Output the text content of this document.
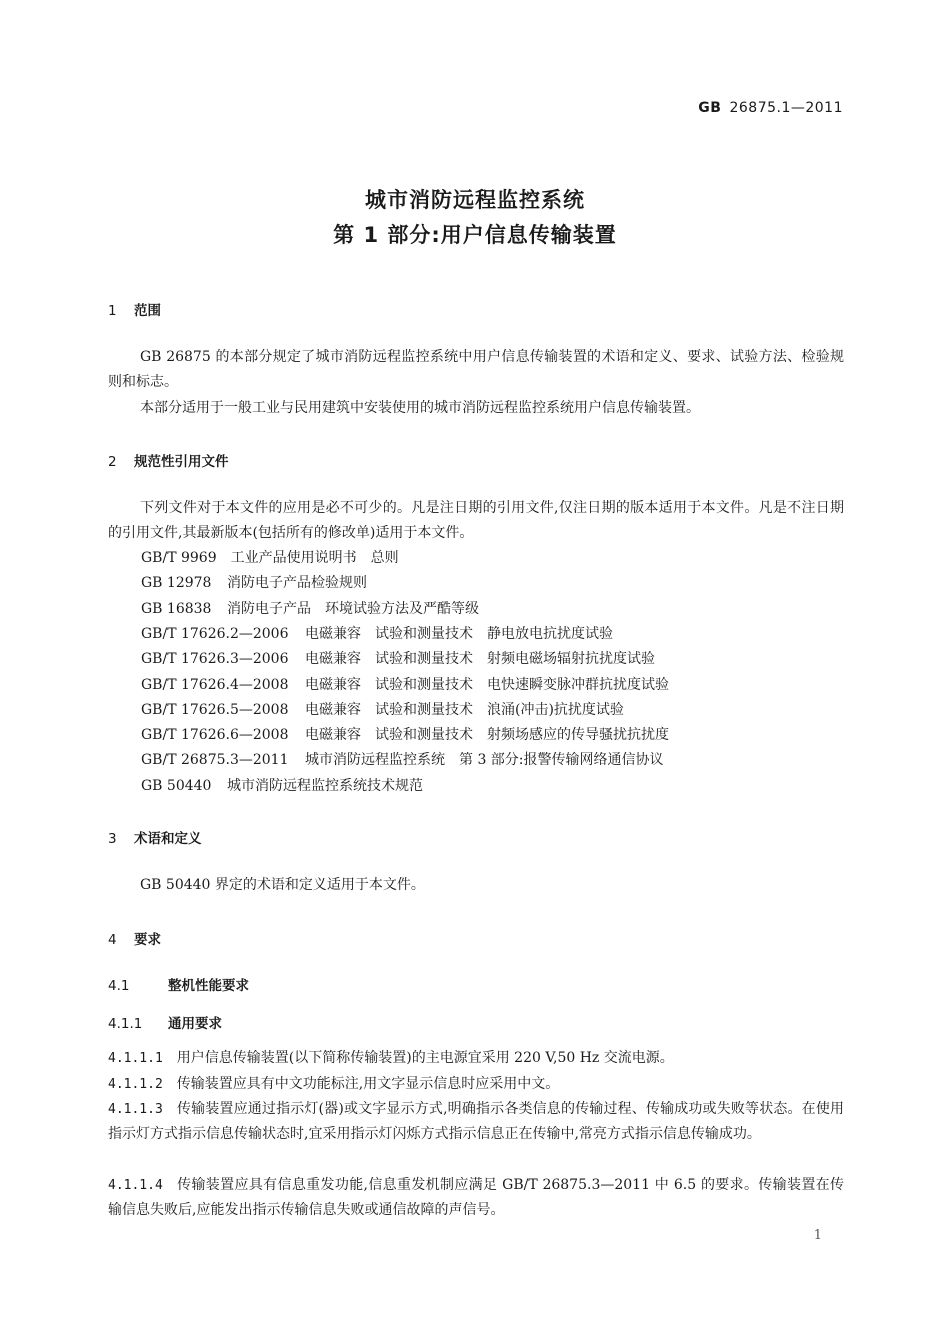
GB 26875.1—2011
城市消防远程监控系统
第 1 部分:用户信息传输装置
1 范围
GB 26875 的本部分规定了城市消防远程监控系统中用户信息传输装置的术语和定义、要求、试验方法、检验规则和标志。
本部分适用于一般工业与民用建筑中安装使用的城市消防远程监控系统用户信息传输装置。
2 规范性引用文件
下列文件对于本文件的应用是必不可少的。凡是注日期的引用文件,仅注日期的版本适用于本文件。凡是不注日期的引用文件,其最新版本(包括所有的修改单)适用于本文件。
GB/T 9969　 工业产品使用说明书　总则
GB 12978　 消防电子产品检验规则
GB 16838　 消防电子产品　环境试验方法及严酷等级
GB/T 17626.2—2006　 电磁兼容　试验和测量技术　静电放电抗扰度试验
GB/T 17626.3—2006　 电磁兼容　试验和测量技术　射频电磁场辐射抗扰度试验
GB/T 17626.4—2008　 电磁兼容　试验和测量技术　电快速瞬变脉冲群抗扰度试验
GB/T 17626.5—2008　 电磁兼容　试验和测量技术　浪涌(冲击)抗扰度试验
GB/T 17626.6—2008　 电磁兼容　试验和测量技术　射频场感应的传导骚扰抗扰度
GB/T 26875.3—2011　 城市消防远程监控系统　第 3 部分:报警传输网络通信协议
GB 50440　 城市消防远程监控系统技术规范
3 术语和定义
GB 50440 界定的术语和定义适用于本文件。
4 要求
4.1	整机性能要求
4.1.1 通用要求
4.1.1.1 用户信息传输装置(以下简称传输装置)的主电源宜采用 220 V,50 Hz 交流电源。
4.1.1.2 传输装置应具有中文功能标注,用文字显示信息时应采用中文。
4.1.1.3 传输装置应通过指示灯(器)或文字显示方式,明确指示各类信息的传输过程、传输成功或失败等状态。在使用指示灯方式指示信息传输状态时,宜采用指示灯闪烁方式指示信息正在传输中,常亮方式指示信息传输成功。
4.1.1.4 传输装置应具有信息重发功能,信息重发机制应满足 GB/T 26875.3—2011 中 6.5 的要求。传输装置在传输信息失败后,应能发出指示传输信息失败或通信故障的声信号。
1
